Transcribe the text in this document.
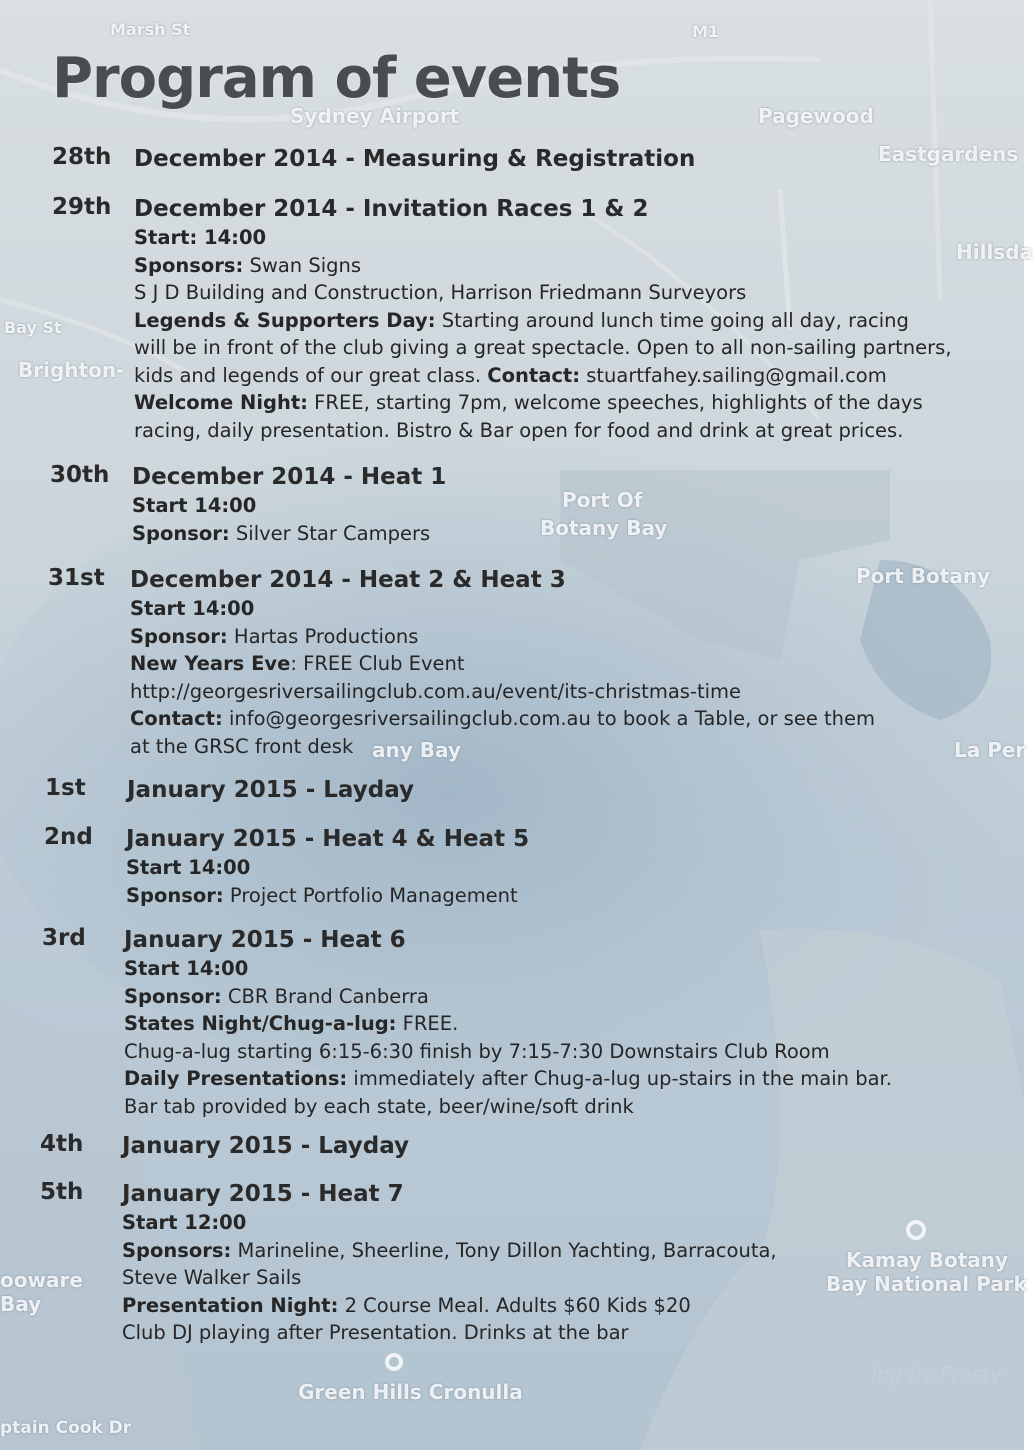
Sydney Airport	Pagewood
Eastgardens
Hillsda
Brighton-
Port Of
Botany Bay
Port Botany
any Bay	La Per
Kamay Botany
Bay National Park
Green Hills Cronulla
ooware
Bay
ptain Cook Dr
M1
Bay St
Marsh St
Program of events
28th December 2014 - Measuring & Registration
29th December 2014 - Invitation Races 1 & 2
Start: 14:00
Sponsors: Swan Signs
S J D Building and Construction, Harrison Friedmann Surveyors
Legends & Supporters Day: Starting around lunch time going all day, racing
will be in front of the club giving a great spectacle. Open to all non-sailing partners,
kids and legends of our great class. Contact: stuartfahey.sailing@gmail.com
Welcome Night: FREE, starting 7pm, welcome speeches, highlights of the days
racing, daily presentation. Bistro & Bar open for food and drink at great prices.
30th December 2014 - Heat 1
Start 14:00
Sponsor: Silver Star Campers
31st	December 2014 - Heat 2 & Heat 3
Start 14:00
Sponsor: Hartas Productions
New Years Eve: FREE Club Event
http://georgesriversailingclub.com.au/event/its-christmas-time
Contact: info@georgesriversailingclub.com.au to book a Table, or see them
at the GRSC front desk
1st	January 2015 - Layday
2nd	January 2015 - Heat 4 & Heat 5
Start 14:00
Sponsor: Project Portfolio Management
3rd	January 2015 - Heat 6
Start 14:00
Sponsor: CBR Brand Canberra
States Night/Chug-a-lug: FREE.
Chug-a-lug starting 6:15-6:30 finish by 7:15-7:30 Downstairs Club Room
Daily Presentations: immediately after Chug-a-lug up-stairs in the main bar.
Bar tab provided by each state, beer/wine/soft drink
4th	January 2015 - Layday
5th	January 2015 - Heat 7
Start 12:00
Sponsors: Marineline, Sheerline, Tony Dillon Yachting, Barracouta,
Steve Walker Sails
Presentation Night: 2 Course Meal. Adults $60 Kids $20
Club DJ playing after Presentation. Drinks at the bar
jpg by Frosty
